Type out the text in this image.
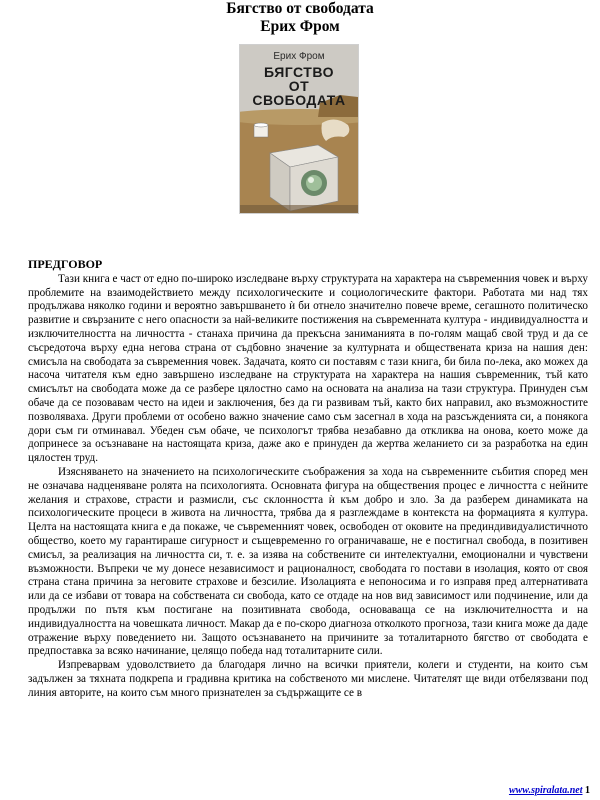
Бягство от свободата

Ерих Фром

Ерих Фром
БЯГСТВО
ОТ
СВОБОДАТА

ПРЕДГОВОР

Тази книга е част от едно по-широко изследване върху структурата на характера на съвременния човек и върху проблемите на взаимодействието между психологическите и социологическите фактори. Работата ми над тях продължава няколко години и вероятно завършването ѝ би отнело значително повече време, сегашното политическо развитие и свързаните с него опасности за най-великите постижения на съвременната култура - индивидуалността и изключителността на личността - станаха причина да прекъсна заниманията в по-голям мащаб свой труд и да се съсредоточа върху една негова страна от съдбовно значение за културната и обществената криза на нашия ден: смисъла на свободата за съвременния човек. Задачата, която си поставям с тази книга, би била по-лека, ако можех да насоча читателя към едно завършено изследване на структурата на характера на нашия съвременник, тъй като смисълът на свободата може да се разбере цялостно само на основата на анализа на тази структура. Принуден съм обаче да се позовавам често на идеи и заключения, без да ги развивам тъй, както бих направил, ако възможностите позволяваха. Други проблеми от особено важно значение само съм засегнал в хода на разсъжденията си, а понякога дори съм ги отминавал. Убеден съм обаче, че психологът трябва незабавно да откликва на онова, което може да допринесе за осъзнаване на настоящата криза, даже ако е принуден да жертва желанието си за разработка на един цялостен труд.

Изясняването на значението на психологическите съображения за хода на съвременните събития според мен не означава надценяване ролята на психологията. Основната фигура на обществения процес е личността с нейните желания и страхове, страсти и размисли, със склонността ѝ към добро и зло. За да разберем динамиката на психологическите процеси в живота на личността, трябва да я разглеждаме в контекста на формацията я култура. Целта на настоящата книга е да покаже, че съвременният човек, освободен от оковите на прединдивидуалистичното общество, което му гарантираше сигурност и същевременно го ограничаваше, не е постигнал свобода, в позитивен смисъл, за реализация на личността си, т. е. за изява на собствените си интелектуални, емоционални и чувствени възможности. Въпреки че му донесе независимост и рационалност, свободата го постави в изолация, която от своя страна стана причина за неговите страхове и безсилие. Изолацията е непоносима и го изправя пред алтернативата или да се избави от товара на собствената си свобода, като се отдаде на нов вид зависимост или подчинение, или да продължи по пътя към постигане на позитивната свобода, основаваща се на изключителността и на индивидуалността на човешката личност. Макар да е по-скоро диагноза отколкото прогноза, тази книга може да даде отражение върху поведението ни. Защото осъзнаването на причините за тоталитарното бягство от свободата е предпоставка за всяко начинание, целящо победа над тоталитарните сили.

Изпреварвам удоволствието да благодаря лично на всички приятели, колеги и студенти, на които съм задължен за тяхната подкрепа и градивна критика на собственото ми мислене. Читателят ще види отбелязвани под линия авторите, на които съм много признателен за съдържащите се в

www.spiralata.net 1
